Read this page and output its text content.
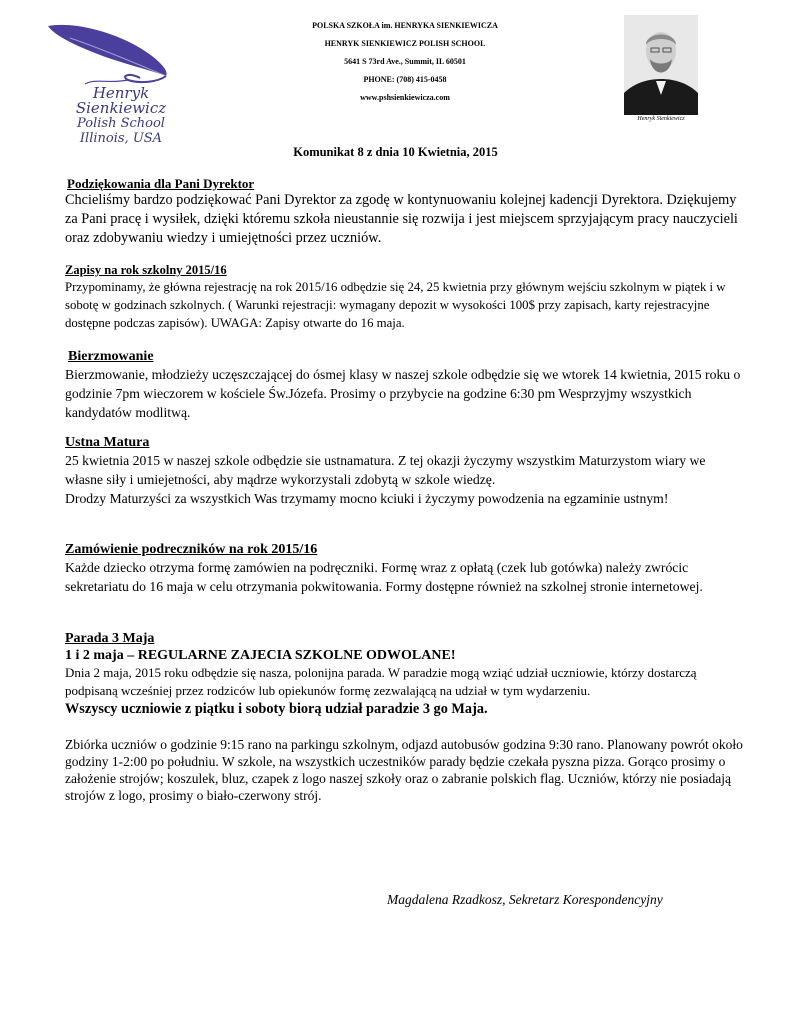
Henryk Sienkiewicz
Polish School
Illinois, USA
POLSKA SZKOŁA im. HENRYKA SIENKIEWICZA
HENRYK SIENKIEWICZ POLISH SCHOOL
5641 S 73rd Ave., Summit, IL 60501
PHONE: (708) 415-0458
www.pshsienkiewicza.com
Henryk Sienkiewicz
Komunikat 8 z dnia 10 Kwietnia, 2015
Podziękowania dla Pani Dyrektor
Chcieliśmy bardzo podziękować Pani Dyrektor za zgodę w kontynuowaniu kolejnej kadencji Dyrektora. Dziękujemy za Pani pracę i wysiłek, dzięki któremu szkoła nieustannie się rozwija i jest miejscem sprzyjającym pracy nauczycieli oraz zdobywaniu wiedzy i umiejętności przez uczniów.
Zapisy na rok szkolny 2015/16
Przypominamy, że główna rejestrację na rok 2015/16 odbędzie się 24, 25 kwietnia przy głównym wejściu szkolnym w piątek i w sobotę w godzinach szkolnych. ( Warunki rejestracji: wymagany depozit w wysokości 100$ przy zapisach, karty rejestracyjne dostępne podczas zapisów). UWAGA: Zapisy otwarte do 16 maja.
Bierzmowanie
Bierzmowanie, młodzieży uczęszczającej do ósmej klasy w naszej szkole odbędzie się we wtorek 14 kwietnia, 2015 roku o godzinie 7pm wieczorem w kościele Św.Józefa. Prosimy o przybycie na godzine 6:30 pm Wesprzyjmy wszystkich kandydatów modlitwą.
Ustna Matura
25 kwietnia 2015 w naszej szkole odbędzie sie ustnamatura. Z tej okazji życzymy wszystkim Maturzystom wiary we własne siły i umiejetności, aby mądrze wykorzystali zdobytą w szkole wiedzę.
Drodzy Maturzyści za wszystkich Was trzymamy mocno kciuki i życzymy powodzenia na egzaminie ustnym!
Zamówienie podreczników na rok 2015/16
Każde dziecko otrzyma formę zamówien na podręczniki. Formę wraz z opłatą (czek lub gotówka) należy zwrócic sekretariatu do 16 maja w celu otrzymania pokwitowania. Formy dostępne również na szkolnej stronie internetowej.
Parada 3 Maja
1 i 2 maja – REGULARNE ZAJECIA SZKOLNE ODWOLANE!
Dnia 2 maja, 2015 roku odbędzie się nasza, polonijna parada. W paradzie mogą wziąć udział uczniowie, którzy dostarczą podpisaną wcześniej przez rodziców lub opiekunów formę zezwalającą na udział w tym wydarzeniu.
Wszyscy uczniowie z piątku i soboty biorą udział paradzie 3 go Maja.
Zbiórka uczniów o godzinie 9:15 rano na parkingu szkolnym, odjazd autobusów godzina 9:30 rano. Planowany powrót około godziny 1-2:00 po południu. W szkole, na wszystkich uczestników parady będzie czekała pyszna pizza. Gorąco prosimy o założenie strojów; koszulek, bluz, czapek z logo naszej szkoły oraz o zabranie polskich flag. Uczniów, którzy nie posiadają strojów z logo, prosimy o biało-czerwony strój.
Magdalena Rzadkosz, Sekretarz Korespondencyjny
